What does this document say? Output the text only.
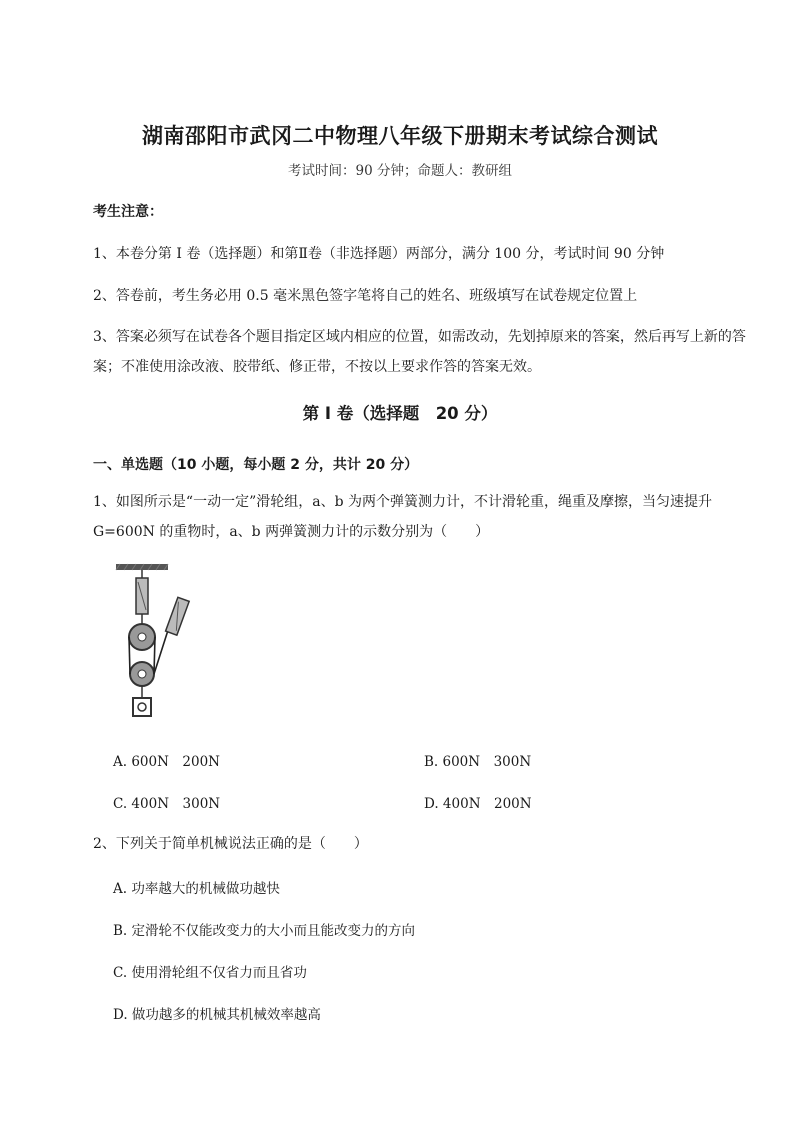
湖南邵阳市武冈二中物理八年级下册期末考试综合测试
考试时间：90 分钟；命题人：教研组
考生注意：
1、本卷分第 I 卷（选择题）和第Ⅱ卷（非选择题）两部分，满分 100 分，考试时间 90 分钟
2、答卷前，考生务必用 0.5 毫米黑色签字笔将自己的姓名、班级填写在试卷规定位置上
3、答案必须写在试卷各个题目指定区域内相应的位置，如需改动，先划掉原来的答案，然后再写上新的答案；不准使用涂改液、胶带纸、修正带，不按以上要求作答的答案无效。
第 I 卷（选择题　20 分）
一、单选题（10 小题，每小题 2 分，共计 20 分）
1、如图所示是“一动一定”滑轮组，a、b 为两个弹簧测力计，不计滑轮重，绳重及摩擦，当匀速提升 G=600N 的重物时，a、b 两弹簧测力计的示数分别为（　　）
A. 600N　200N	B. 600N　300N
C. 400N　300N	D. 400N　200N
2、下列关于简单机械说法正确的是（　　）
A. 功率越大的机械做功越快
B. 定滑轮不仅能改变力的大小而且能改变力的方向
C. 使用滑轮组不仅省力而且省功
D. 做功越多的机械其机械效率越高
